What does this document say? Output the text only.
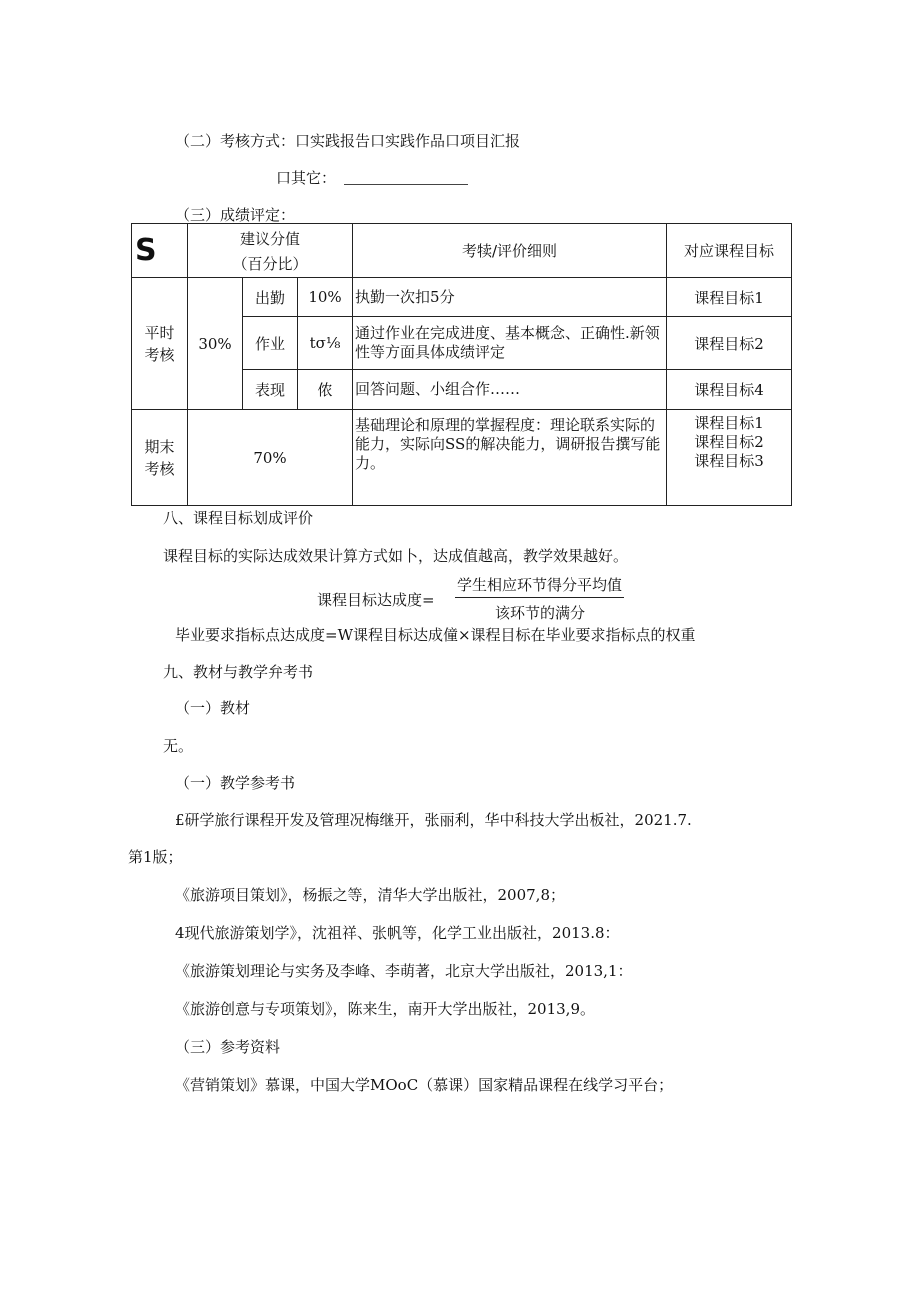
（二）考核方式：口实践报告口实践作品口项目汇报
口其它：
（三）成绩评定：
S	建议分值
（百分比）			考犊/评价细则	对应课程目标
平时考核	30%	出勤	10%	执勤一次扣5分	课程目标1
		作业	tσ⅛	通过作业在完成进度、基本概念、正确性.新领性等方面具体成绩评定	课程目标2
		表现	侬	回答问题、小组合作……	课程目标4
期末考核	70%			基础理论和原理的掌握程度：理论联系实际的能力，实际向SS的解决能力，调研报告撰写能力。	课程目标1
课程目标2
课程目标3
八、课程目标划成评价
课程目标的实际达成效果计算方式如卜，达成值越高，教学效果越好。
课程目标达成度=
学生相应环节得分平均值
该环节的满分
毕业要求指标点达成度=W课程目标达成僮×课程目标在毕业要求指标点的权重
九、教材与教学弁考书
（一）教材
无。
（一）教学参考书
£研学旅行课程开发及管理况梅继开，张丽利，华中科技大学出板社，2021.7.
第1版；
《旅游项目策划》，杨振之等，清华大学出版社，2007,8；
4现代旅游策划学》，沈祖祥、张帆等，化学工业出版社，2013.8：
《旅游策划理论与实务及李峰、李萌著，北京大学出版社，2013,1：
《旅游创意与专项策划》，陈来生，南开大学出版社，2013,9。
（三）参考资料
《营销策划》慕课，中国大学MOoC（慕课）国家精品课程在线学习平台；
